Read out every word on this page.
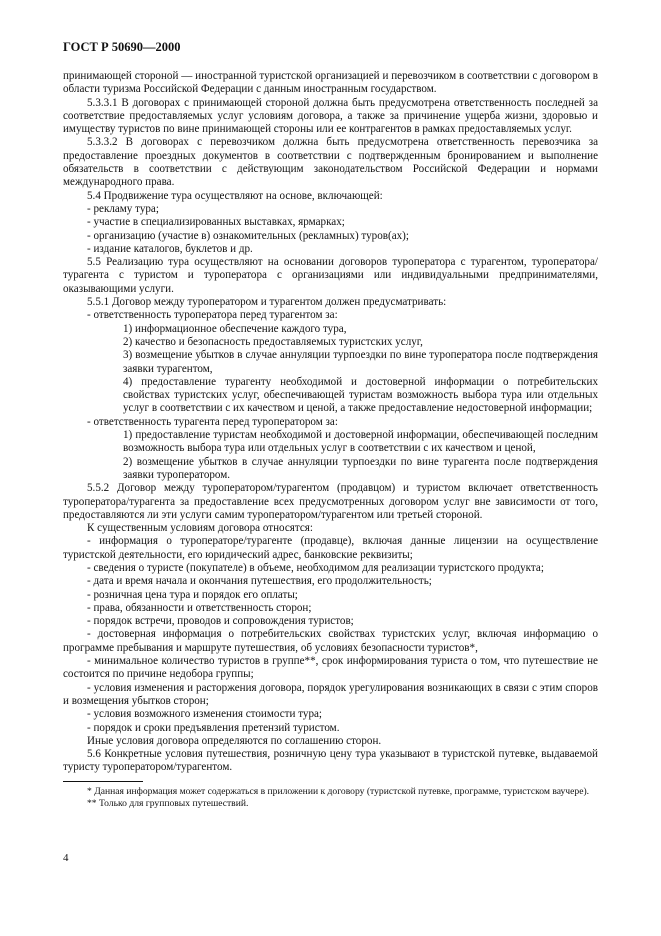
ГОСТ Р 50690—2000

принимающей стороной — иностранной туристской организацией и перевозчиком в соответствии с договором в области туризма Российской Федерации с данным иностранным государством.

5.3.3.1 В договорах с принимающей стороной должна быть предусмотрена ответственность последней за соответствие предоставляемых услуг условиям договора, а также за причинение ущерба жизни, здоровью и имуществу туристов по вине принимающей стороны или ее контрагентов в рамках предоставляемых услуг.

5.3.3.2 В договорах с перевозчиком должна быть предусмотрена ответственность перевозчика за предоставление проездных документов в соответствии с подтвержденным бронированием и выполнение обязательств в соответствии с действующим законодательством Российской Федерации и нормами международного права.

5.4 Продвижение тура осуществляют на основе, включающей:

- рекламу тура;

- участие в специализированных выставках, ярмарках;

- организацию (участие в) ознакомительных (рекламных) туров(ах);

- издание каталогов, буклетов и др.

5.5 Реализацию тура осуществляют на основании договоров туроператора с турагентом, туроператора/турагента с туристом и туроператора с организациями или индивидуальными предпринимателями, оказывающими услуги.

5.5.1 Договор между туроператором и турагентом должен предусматривать:

- ответственность туроператора перед турагентом за:

1) информационное обеспечение каждого тура,

2) качество и безопасность предоставляемых туристских услуг,

3) возмещение убытков в случае аннуляции турпоездки по вине туроператора после подтверждения заявки турагентом,

4) предоставление турагенту необходимой и достоверной информации о потребительских свойствах туристских услуг, обеспечивающей туристам возможность выбора тура или отдельных услуг в соответствии с их качеством и ценой, а также предоставление недостоверной информации;

- ответственность турагента перед туроператором за:

1) предоставление туристам необходимой и достоверной информации, обеспечивающей последним возможность выбора тура или отдельных услуг в соответствии с их качеством и ценой,

2) возмещение убытков в случае аннуляции турпоездки по вине турагента после подтверждения заявки туроператором.

5.5.2 Договор между туроператором/турагентом (продавцом) и туристом включает ответственность туроператора/турагента за предоставление всех предусмотренных договором услуг вне зависимости от того, предоставляются ли эти услуги самим туроператором/турагентом или третьей стороной.

К существенным условиям договора относятся:

- информация о туроператоре/турагенте (продавце), включая данные лицензии на осуществление туристской деятельности, его юридический адрес, банковские реквизиты;

- сведения о туристе (покупателе) в объеме, необходимом для реализации туристского продукта;

- дата и время начала и окончания путешествия, его продолжительность;

- розничная цена тура и порядок его оплаты;

- права, обязанности и ответственность сторон;

- порядок встречи, проводов и сопровождения туристов;

- достоверная информация о потребительских свойствах туристских услуг, включая информацию о программе пребывания и маршруте путешествия, об условиях безопасности туристов*,

- минимальное количество туристов в группе**, срок информирования туриста о том, что путешествие не состоится по причине недобора группы;

- условия изменения и расторжения договора, порядок урегулирования возникающих в связи с этим споров и возмещения убытков сторон;

- условия возможного изменения стоимости тура;

- порядок и сроки предъявления претензий туристом.

Иные условия договора определяются по соглашению сторон.

5.6 Конкретные условия путешествия, розничную цену тура указывают в туристской путевке, выдаваемой туристу туроператором/турагентом.

* Данная информация может содержаться в приложении к договору (туристской путевке, программе, туристском ваучере).

** Только для групповых путешествий.

4
